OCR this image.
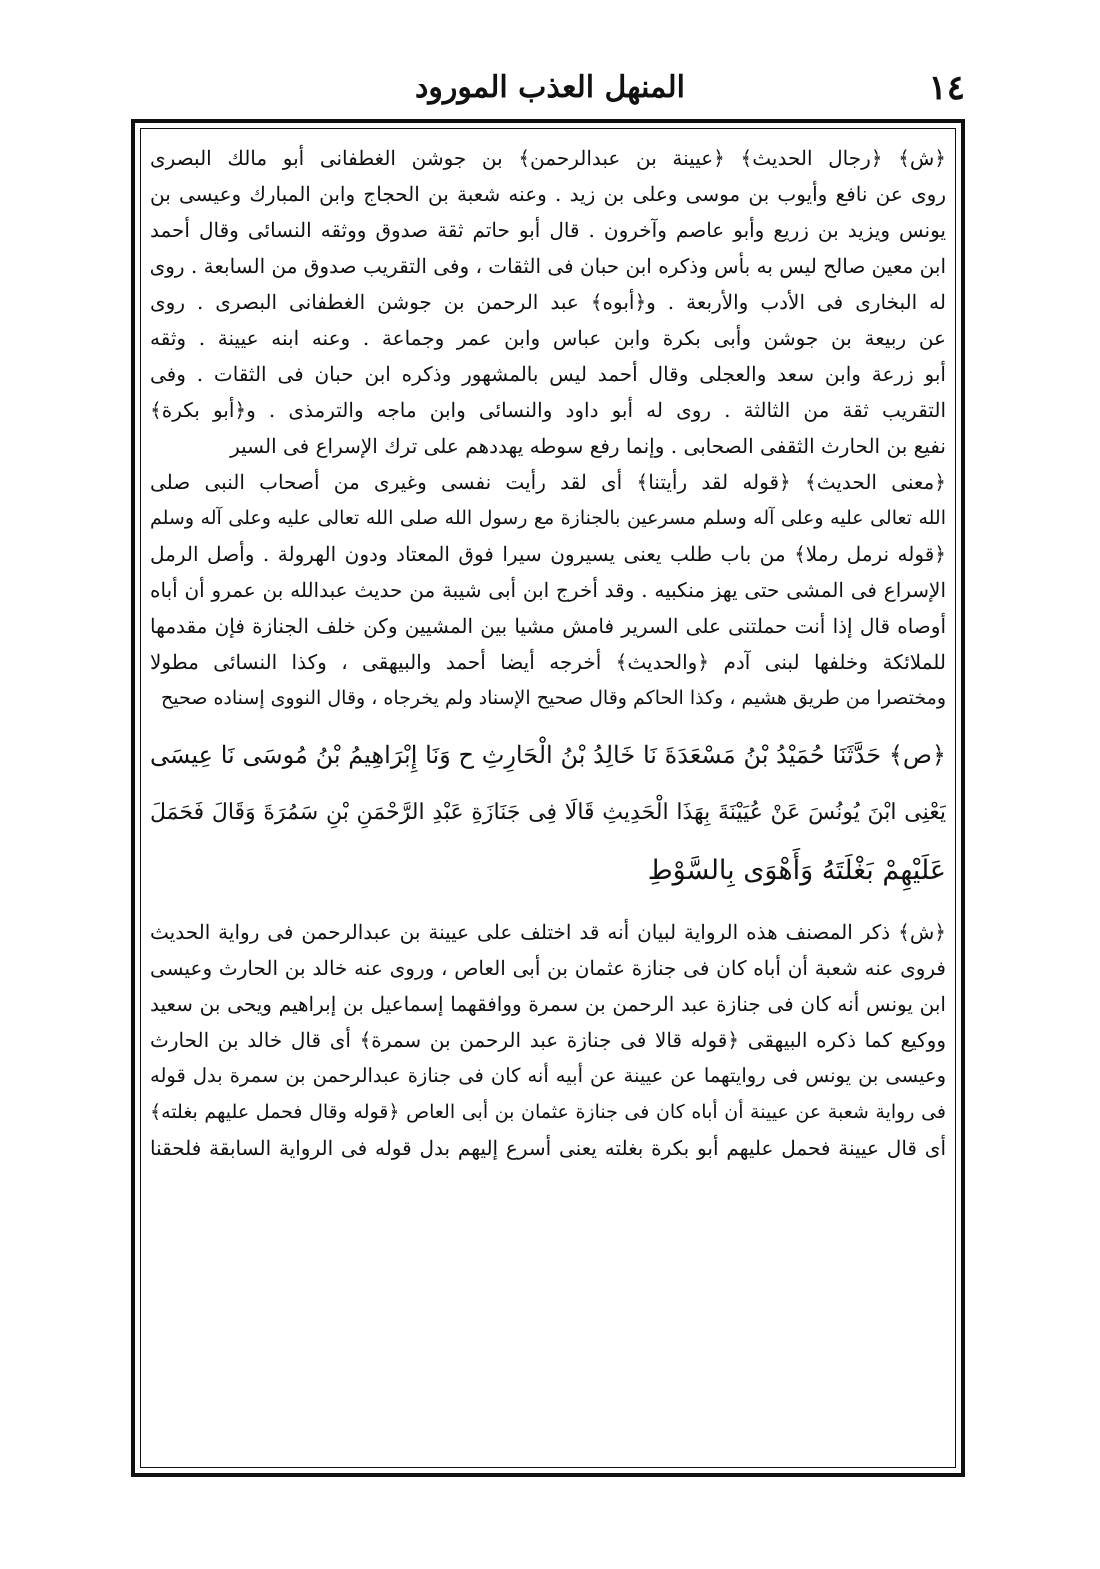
١٤
المنهل العذب المورود
﴿ش﴾ ﴿رجال الحديث﴾ ﴿عيينة بن عبدالرحمن﴾ بن جوشن الغطفانى أبو مالك البصرى
روى عن نافع وأيوب بن موسى وعلى بن زيد . وعنه شعبة بن الحجاج وابن المبارك وعيسى بن
يونس ويزيد بن زريع وأبو عاصم وآخرون . قال أبو حاتم ثقة صدوق ووثقه النسائى وقال أحمد
ابن معين صالح ليس به بأس وذكره ابن حبان فى الثقات ، وفى التقريب صدوق من السابعة . روى
له البخارى فى الأدب والأربعة . و﴿أبوه﴾ عبد الرحمن بن جوشن الغطفانى البصرى . روى
عن ربيعة بن جوشن وأبى بكرة وابن عباس وابن عمر وجماعة . وعنه ابنه عيينة . وثقه
أبو زرعة وابن سعد والعجلى وقال أحمد ليس بالمشهور وذكره ابن حبان فى الثقات . وفى
التقريب ثقة من الثالثة . روى له أبو داود والنسائى وابن ماجه والترمذى . و﴿أبو بكرة﴾
نفيع بن الحارث الثقفى الصحابى . وإنما رفع سوطه يهددهم على ترك الإسراع فى السير
﴿معنى الحديث﴾ ﴿قوله لقد رأيتنا﴾ أى لقد رأيت نفسى وغيرى من أصحاب النبى صلى
الله تعالى عليه وعلى آله وسلم مسرعين بالجنازة مع رسول الله صلى الله تعالى عليه وعلى آله وسلم
﴿قوله نرمل رملا﴾ من باب طلب يعنى يسيرون سيرا فوق المعتاد ودون الهرولة . وأصل الرمل
الإسراع فى المشى حتى يهز منكبيه . وقد أخرج ابن أبى شيبة من حديث عبدالله بن عمرو أن أباه
أوصاه قال إذا أنت حملتنى على السرير فامش مشيا بين المشيين وكن خلف الجنازة فإن مقدمها
للملائكة وخلفها لبنى آدم ﴿والحديث﴾ أخرجه أيضا أحمد والبيهقى ، وكذا النسائى مطولا
ومختصرا من طريق هشيم ، وكذا الحاكم وقال صحيح الإسناد ولم يخرجاه ، وقال النووى إسناده صحيح
﴿ص﴾ حَدَّثَنَا حُمَيْدُ بْنُ مَسْعَدَةَ نَا خَالِدُ بْنُ الْحَارِثِ ح وَنَا إِبْرَاهِيمُ بْنُ مُوسَى نَا عِيسَى
يَعْنِى ابْنَ يُونُسَ عَنْ عُيَيْنَةَ بِهَذَا الْحَدِيثِ قَالَا فِى جَنَازَةِ عَبْدِ الرَّحْمَنِ بْنِ سَمُرَةَ وَقَالَ فَحَمَلَ
عَلَيْهِمْ بَغْلَتَهُ وَأَهْوَى بِالسَّوْطِ
﴿ش﴾ ذكر المصنف هذه الرواية لبيان أنه قد اختلف على عيينة بن عبدالرحمن فى رواية الحديث
فروى عنه شعبة أن أباه كان فى جنازة عثمان بن أبى العاص ، وروى عنه خالد بن الحارث وعيسى
ابن يونس أنه كان فى جنازة عبد الرحمن بن سمرة ووافقهما إسماعيل بن إبراهيم ويحى بن سعيد
ووكيع كما ذكره البيهقى ﴿قوله قالا فى جنازة عبد الرحمن بن سمرة﴾ أى قال خالد بن الحارث
وعيسى بن يونس فى روايتهما عن عيينة عن أبيه أنه كان فى جنازة عبدالرحمن بن سمرة بدل قوله
فى رواية شعبة عن عيينة أن أباه كان فى جنازة عثمان بن أبى العاص ﴿قوله وقال فحمل عليهم بغلته﴾
أى قال عيينة فحمل عليهم أبو بكرة بغلته يعنى أسرع إليهم بدل قوله فى الرواية السابقة فلحقنا
